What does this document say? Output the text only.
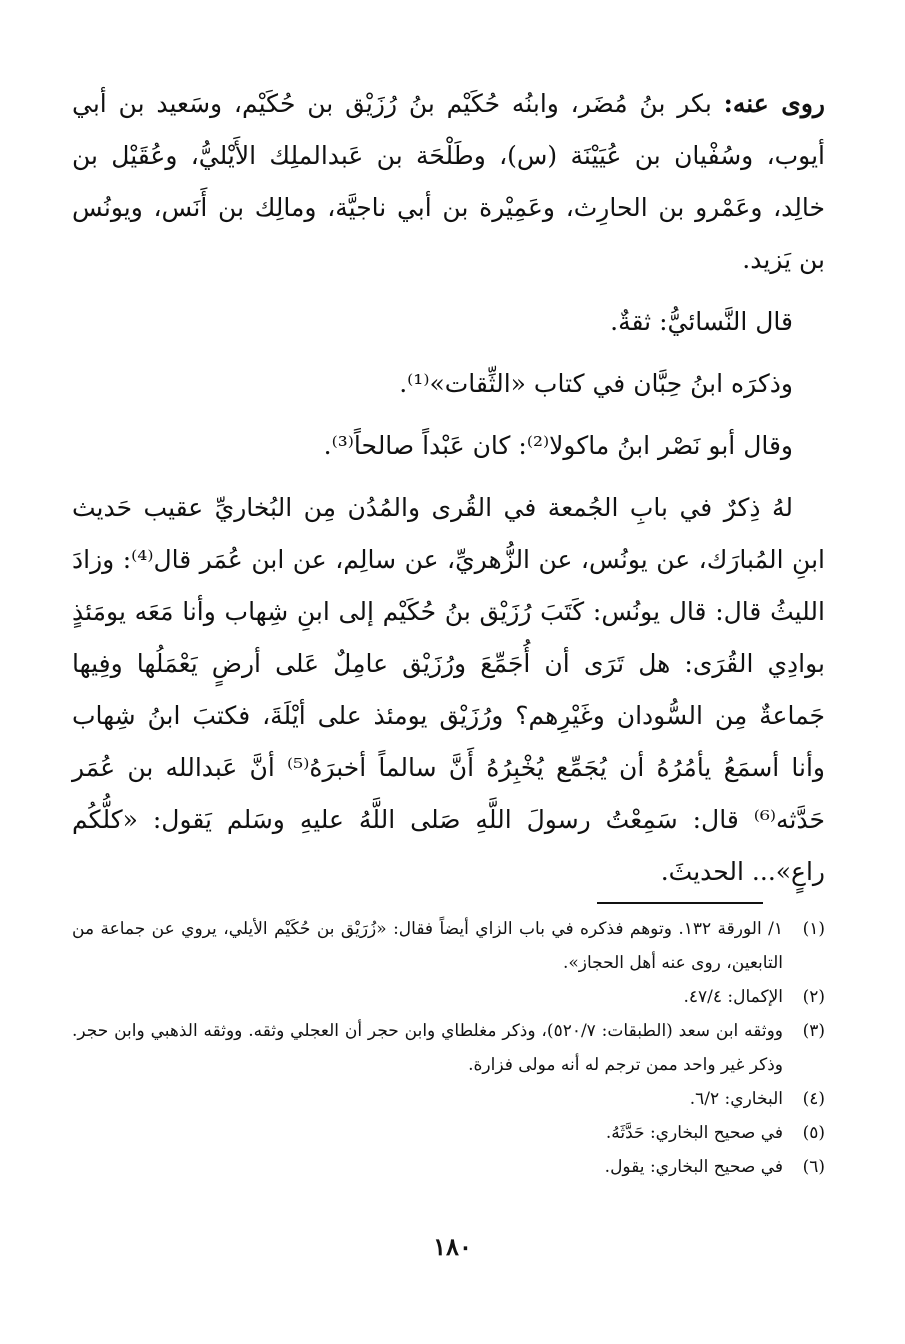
روى عنه: بكر بنُ مُضَر، وابنُه حُكَيْم بنُ رُزَيْق بن حُكَيْم، وسَعيد بن أبي أيوب، وسُفْيان بن عُيَيْنَة (س)، وطَلْحَة بن عَبدالملِك الأَيْليُّ، وعُقَيْل بن خالِد، وعَمْرو بن الحارِث، وعَمِيْرة بن أبي ناجيَّة، ومالِك بن أَنَس، ويونُس بن يَزيد.

قال النَّسائيُّ: ثقةٌ.

وذكرَه ابنُ حِبَّان في كتاب «الثِّقات»⁽¹⁾.

وقال أبو نَصْر ابنُ ماكولا⁽²⁾: كان عَبْداً صالحاً⁽³⁾.

لهُ ذِكرٌ في بابِ الجُمعة في القُرى والمُدُن مِن البُخاريِّ عقيب حَديث ابنِ المُبارَك، عن يونُس، عن الزُّهريِّ، عن سالِم، عن ابن عُمَر قال⁽⁴⁾: وزادَ الليثُ قال: قال يونُس: كَتَبَ رُزَيْق بنُ حُكَيْم إلى ابنِ شِهاب وأنا مَعَه يومَئذٍ بوادِي القُرَى: هل تَرَى أن أُجَمِّعَ ورُزَيْق عامِلٌ عَلى أرضٍ يَعْمَلُها وفِيها جَماعةٌ مِن السُّودان وغَيْرِهم؟ ورُزَيْق يومئذ على أيْلَةَ، فكتبَ ابنُ شِهاب وأنا أسمَعُ يأمُرُهُ أن يُجَمِّع يُخْبِرُهُ أَنَّ سالماً أخبرَهُ⁽⁵⁾ أنَّ عَبدالله بن عُمَر حَدَّثه⁽⁶⁾ قال: سَمِعْتُ رسولَ اللَّهِ صَلى اللَّهُ عليهِ وسَلم يَقول: «كلُّكُم راعٍ»... الحديثَ.

(١)
١/ الورقة ١٣٢. وتوهم فذكره في باب الزاي أيضاً فقال: «زُرَيْق بن حُكَيْم الأيلي، يروي عن جماعة من التابعين، روى عنه أهل الحجاز».
(٢)
الإكمال: ٤٧/٤.
(٣)
ووثقه ابن سعد (الطبقات: ٥٢٠/٧)، وذكر مغلطاي وابن حجر أن العجلي وثقه. ووثقه الذهبي وابن حجر. وذكر غير واحد ممن ترجم له أنه مولى فزارة.
(٤)
البخاري: ٦/٢.
(٥)
في صحيح البخاري: حَدَّثَهُ.
(٦)
في صحيح البخاري: يقول.
١٨٠
